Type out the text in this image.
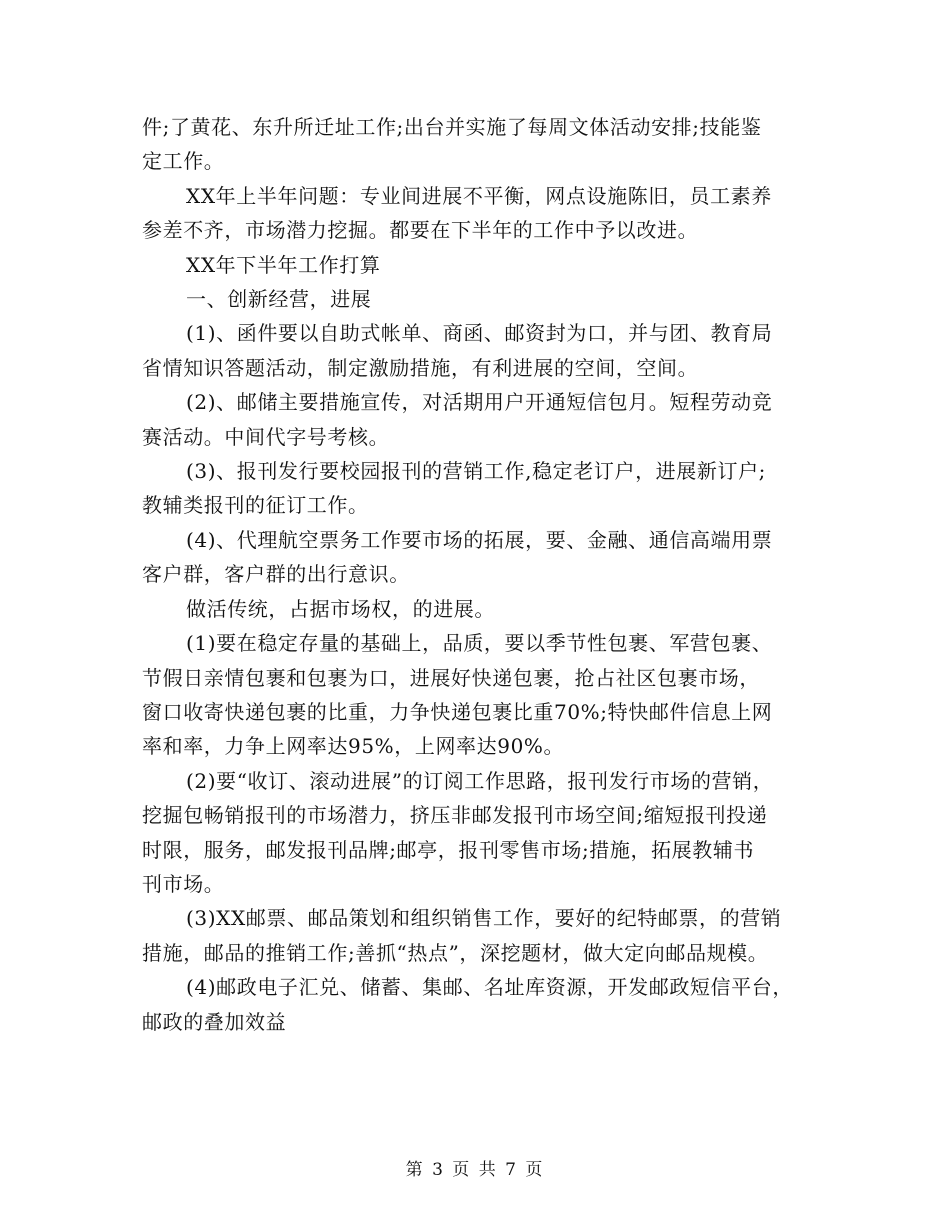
件;了黄花、东升所迁址工作;出台并实施了每周文体活动安排;技能鉴
定工作。
XX年上半年问题：专业间进展不平衡，网点设施陈旧，员工素养
参差不齐，市场潜力挖掘。都要在下半年的工作中予以改进。
XX年下半年工作打算
一、创新经营，进展
(1)、函件要以自助式帐单、商函、邮资封为口，并与团、教育局
省情知识答题活动，制定激励措施，有利进展的空间，空间。
(2)、邮储主要措施宣传，对活期用户开通短信包月。短程劳动竞
赛活动。中间代字号考核。
(3)、报刊发行要校园报刊的营销工作,稳定老订户，进展新订户;
教辅类报刊的征订工作。
(4)、代理航空票务工作要市场的拓展，要、金融、通信高端用票
客户群，客户群的出行意识。
做活传统，占据市场权，的进展。
(1)要在稳定存量的基础上，品质，要以季节性包裹、军营包裹、
节假日亲情包裹和包裹为口，进展好快递包裹，抢占社区包裹市场，
窗口收寄快递包裹的比重，力争快递包裹比重70%;特快邮件信息上网
率和率，力争上网率达95%，上网率达90%。
(2)要“收订、滚动进展”的订阅工作思路，报刊发行市场的营销，
挖掘包畅销报刊的市场潜力，挤压非邮发报刊市场空间;缩短报刊投递
时限，服务，邮发报刊品牌;邮亭，报刊零售市场;措施，拓展教辅书
刊市场。
(3)XX邮票、邮品策划和组织销售工作，要好的纪特邮票，的营销
措施，邮品的推销工作;善抓“热点”，深挖题材，做大定向邮品规模。
(4)邮政电子汇兑、储蓄、集邮、名址库资源，开发邮政短信平台，
邮政的叠加效益
第 3 页 共 7 页
